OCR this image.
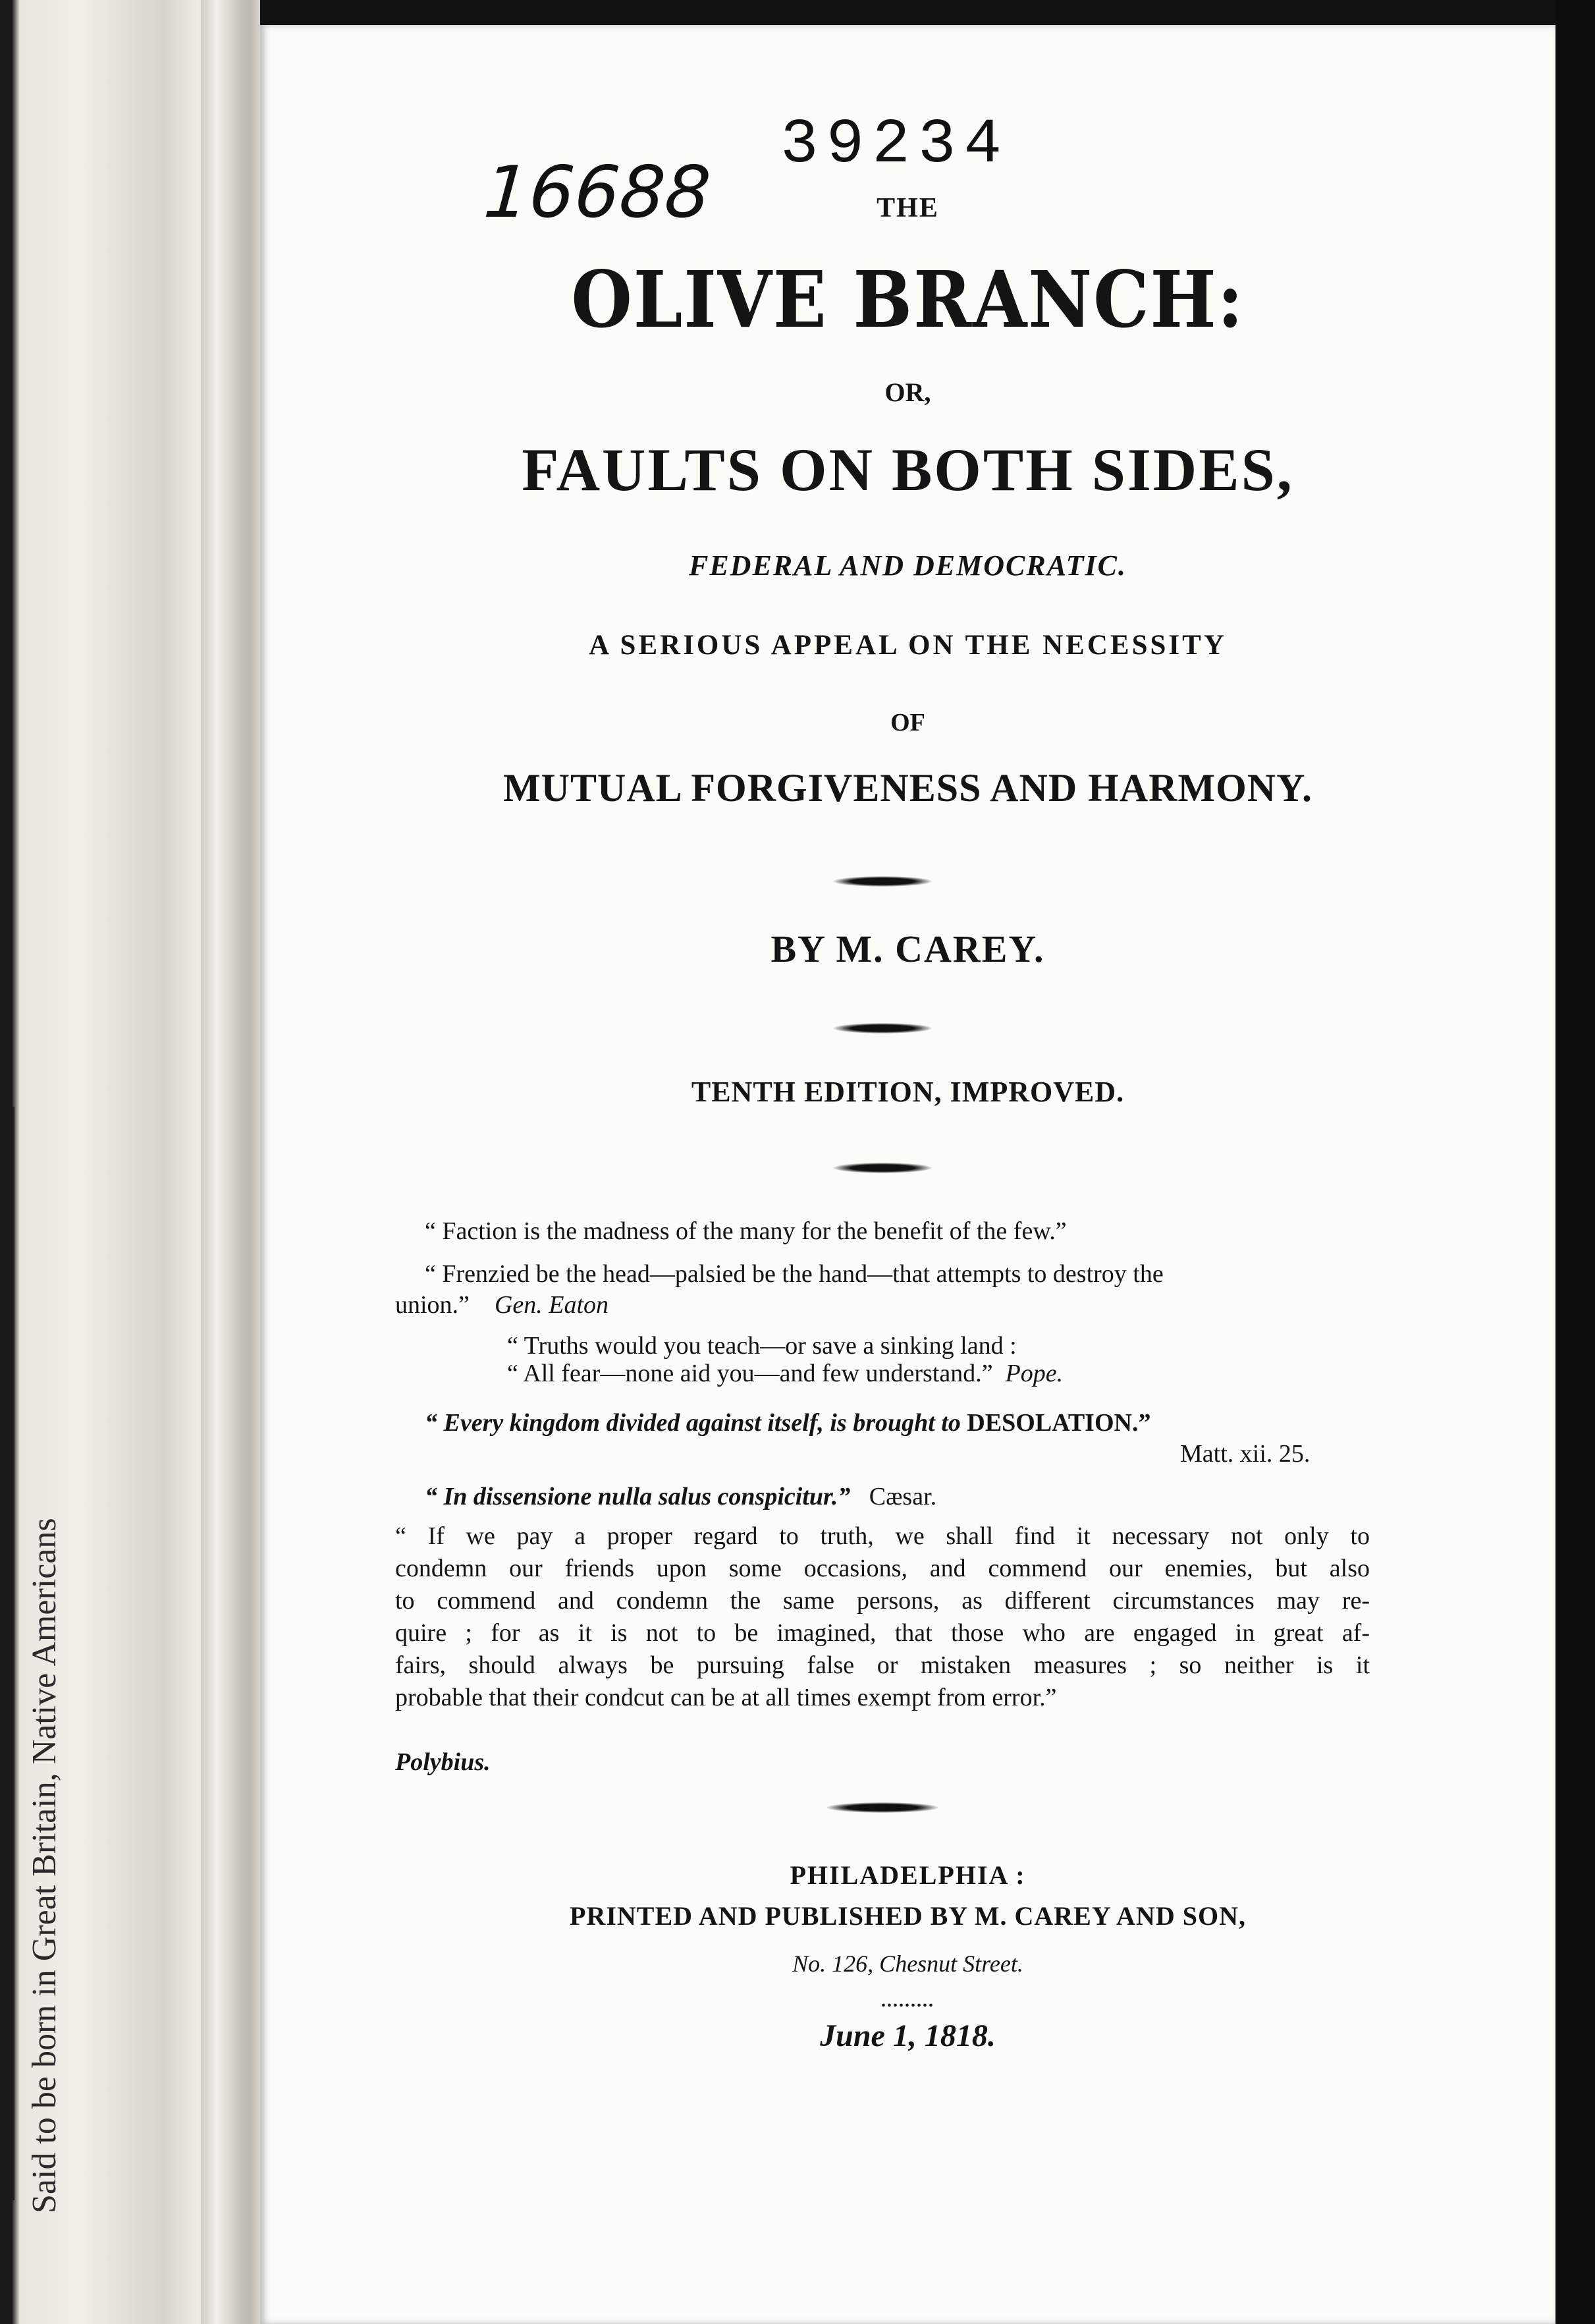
Said to be born in Great Britain, Native Americans
39234
16688	THE
OLIVE BRANCH:
OR,
FAULTS ON BOTH SIDES,
FEDERAL AND DEMOCRATIC.
A SERIOUS APPEAL ON THE NECESSITY
OF
MUTUAL FORGIVENESS AND HARMONY.
BY M. CAREY.
TENTH EDITION, IMPROVED.
“ Faction is the madness of the many for the benefit of the few.”
“ Frenzied be the head—palsied be the hand—that attempts to destroy the
union.” Gen. Eaton
“ Truths would you teach—or save a sinking land :
“ All fear—none aid you—and few understand.” Pope.
“ Every kingdom divided against itself, is brought to DESOLATION.”
Matt. xii. 25.
“ In dissensione nulla salus conspicitur.” Cæsar.
“ If we pay a proper regard to truth, we shall find it necessary not only to
condemn our friends upon some occasions, and commend our enemies, but also
to commend and condemn the same persons, as different circumstances may re-
quire ; for as it is not to be imagined, that those who are engaged in great af-
fairs, should always be pursuing false or mistaken measures ; so neither is it
probable that their condcut can be at all times exempt from error.”

Polybius.
PHILADELPHIA :
PRINTED AND PUBLISHED BY M. CAREY AND SON,
No. 126, Chesnut Street.
.........
June 1, 1818.
